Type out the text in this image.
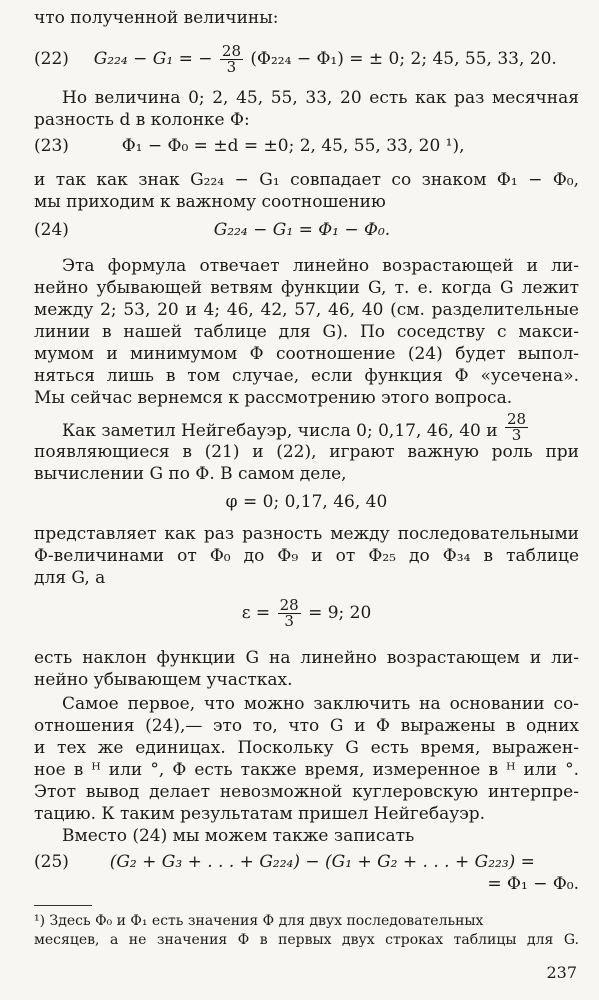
что полученной величины:
(22) G₂₂₄ − G₁ = − $\frac{28}{3} (\Phi_{224} - \Phi_1)$ = ± 0; 2; 45, 55, 33, 20.
Но величина 0; 2, 45, 55, 33, 20 есть как раз месячная
разность d в колонке Φ:
(23)	Φ₁ − Φ₀ = ±d = ±0; 2, 45, 55, 33, 20 ¹),
и так как знак G₂₂₄ − G₁ совпадает со знаком Φ₁ − Φ₀,
мы приходим к важному соотношению
(24)	G₂₂₄ − G₁ = Φ₁ − Φ₀.
Эта формула отвечает линейно возрастающей и ли-
нейно убывающей ветвям функции G, т. е. когда G лежит
между 2; 53, 20 и 4; 46, 42, 57, 46, 40 (см. разделительные
линии в нашей таблице для G). По соседству с макси-
мумом и минимумом Φ соотношение (24) будет выпол-
няться лишь в том случае, если функция Φ «усечена».
Мы сейчас вернемся к рассмотрению этого вопроса.
Как заметил Нейгебауэр, числа 0; 0,17, 46, 40 и $\frac{28}{3}$
появляющиеся в (21) и (22), играют важную роль при
вычислении G по Φ. В самом деле,
φ = 0; 0,17, 46, 40
представляет как раз разность между последовательными
Φ-величинами от Φ₀ до Φ₉ и от Φ₂₅ до Φ₃₄ в таблице
для G, а
$\varepsilon = \frac{28}{3} = 9$; 20
есть наклон функции G на линейно возрастающем и ли-
нейно убывающем участках.
Самое первое, что можно заключить на основании со-
отношения (24),— это то, что G и Φ выражены в одних
и тех же единицах. Поскольку G есть время, выражен-
ное в ᴴ или °, Φ есть также время, измеренное в ᴴ или °.
Этот вывод делает невозможной куглеровскую интерпре-
тацию. К таким результатам пришел Нейгебауэр.
Вместо (24) мы можем также записать
(25) (G₂ + G₃ + . . . + G₂₂₄) − (G₁ + G₂ + . . . + G₂₂₃) =
= Φ₁ − Φ₀.
¹) Здесь Φ₀ и Φ₁ есть значения Φ для двух последовательных
месяцев, а не значения Φ в первых двух строках таблицы для G.
237
